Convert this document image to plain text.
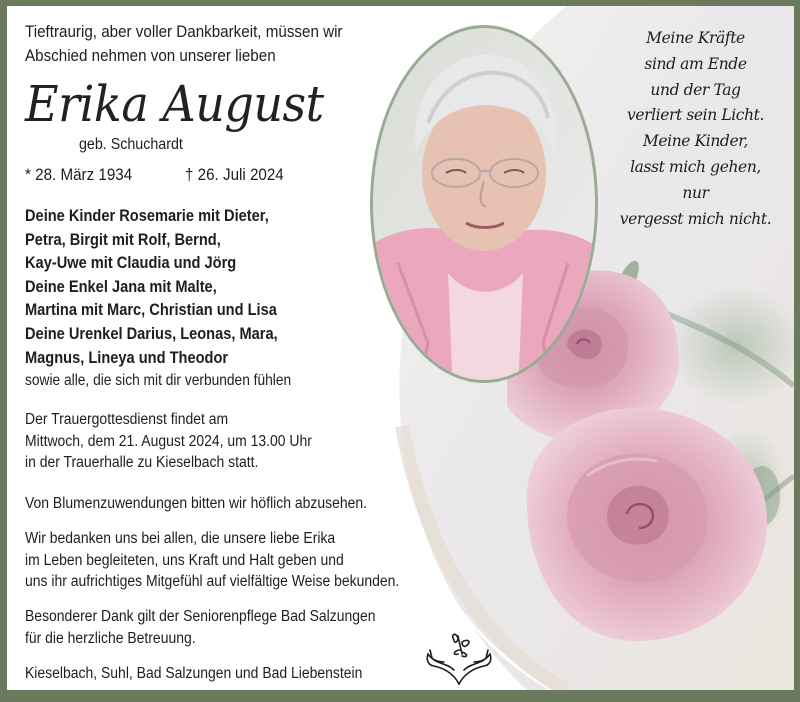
Tieftraurig, aber voller Dankbarkeit, müssen wir
Abschied nehmen von unserer lieben
Erika August
geb. Schuchardt
* 28. März 1934	† 26. Juli 2024
Deine Kinder Rosemarie mit Dieter,
Petra, Birgit mit Rolf, Bernd,
Kay-Uwe mit Claudia und Jörg
Deine Enkel Jana mit Malte,
Martina mit Marc, Christian und Lisa
Deine Urenkel Darius, Leonas, Mara,
Magnus, Lineya und Theodor
sowie alle, die sich mit dir verbunden fühlen
Der Trauergottesdienst findet am
Mittwoch, dem 21. August 2024, um 13.00 Uhr
in der Trauerhalle zu Kieselbach statt.
Von Blumenzuwendungen bitten wir höflich abzusehen.
Wir bedanken uns bei allen, die unsere liebe Erika
im Leben begleiteten, uns Kraft und Halt geben und
uns ihr aufrichtiges Mitgefühl auf vielfältige Weise bekunden.
Besonderer Dank gilt der Seniorenpflege Bad Salzungen
für die herzliche Betreuung.
Kieselbach, Suhl, Bad Salzungen und Bad Liebenstein
Meine Kräfte
sind am Ende
und der Tag
verliert sein Licht.
Meine Kinder,
lasst mich gehen,
nur
vergesst mich nicht.
